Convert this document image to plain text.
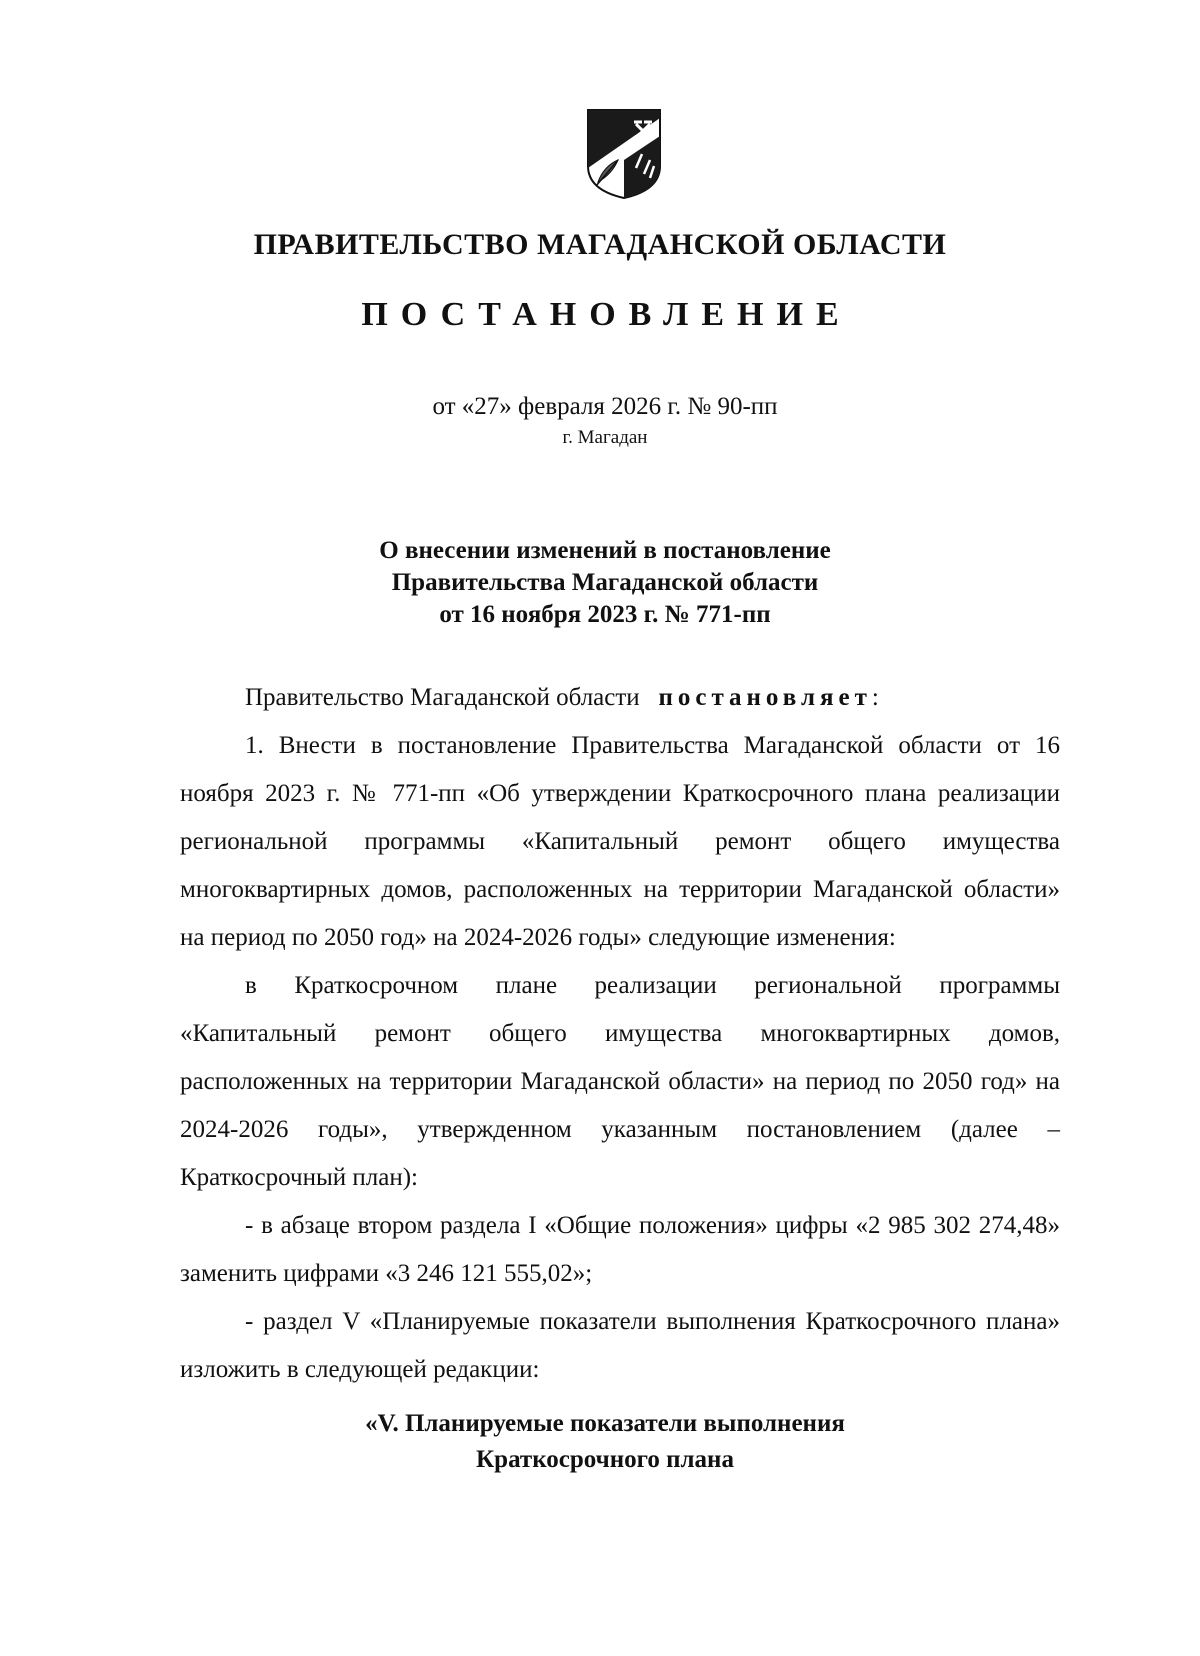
ПРАВИТЕЛЬСТВО МАГАДАНСКОЙ ОБЛАСТИ
ПОСТАНОВЛЕНИЕ
от «27» февраля 2026 г. № 90-пп
г. Магадан
О внесении изменений в постановление
Правительства Магаданской области
от 16 ноября 2023 г. № 771-пп

Правительство Магаданской области постановляет:

1. Внести в постановление Правительства Магаданской области от 16 ноября 2023 г. № 771-пп «Об утверждении Краткосрочного плана реализации региональной программы «Капитальный ремонт общего имущества многоквартирных домов, расположенных на территории Магаданской области» на период по 2050 год» на 2024-2026 годы» следующие изменения:

в Краткосрочном плане реализации региональной программы «Капитальный ремонт общего имущества многоквартирных домов, расположенных на территории Магаданской области» на период по 2050 год» на 2024-2026 годы», утвержденном указанным постановлением (далее – Краткосрочный план):

- в абзаце втором раздела I «Общие положения» цифры «2 985 302 274,48» заменить цифрами «3 246 121 555,02»;

- раздел V «Планируемые показатели выполнения Краткосрочного плана» изложить в следующей редакции:

«V. Планируемые показатели выполнения
Краткосрочного плана
